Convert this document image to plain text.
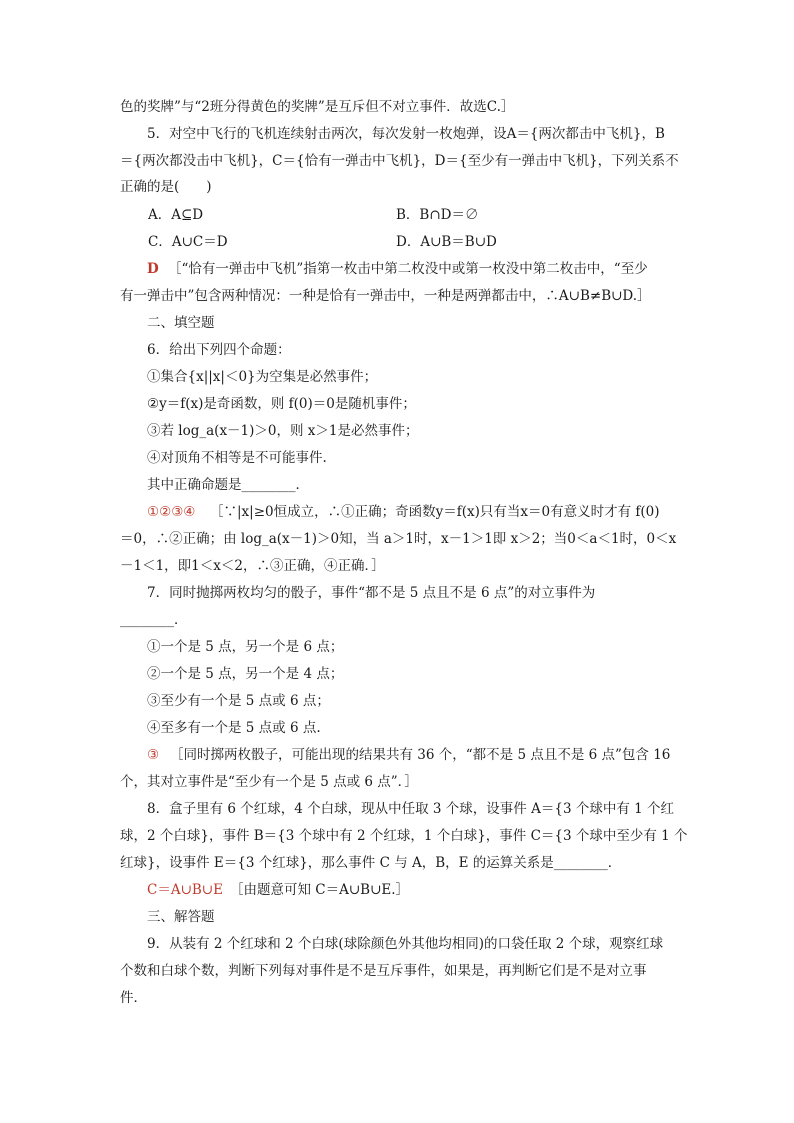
色的奖牌”与“2班分得黄色的奖牌”是互斥但不对立事件．故选C.］
5．对空中飞行的飞机连续射击两次，每次发射一枚炮弹，设A＝{两次都击中飞机}，B
＝{两次都没击中飞机}，C＝{恰有一弹击中飞机}，D＝{至少有一弹击中飞机}，下列关系不
正确的是(　　)
A．A⊆D	B．B∩D＝∅
C．A∪C＝D	D．A∪B＝B∪D
D ［“恰有一弹击中飞机”指第一枚击中第二枚没中或第一枚没中第二枚击中，“至少
有一弹击中”包含两种情况：一种是恰有一弹击中，一种是两弹都击中，∴A∪B≠B∪D.］
二、填空题
6．给出下列四个命题：
①集合{x||x|＜0}为空集是必然事件；
②y＝f(x)是奇函数，则 f(0)＝0是随机事件；
③若 log_a(x－1)＞0，则 x＞1是必然事件；
④对顶角不相等是不可能事件.
其中正确命题是________．
①②③④ ［∵|x|≥0恒成立，∴①正确；奇函数y＝f(x)只有当x＝0有意义时才有 f(0)
＝0，∴②正确；由 log_a(x－1)＞0知，当 a＞1时，x－1＞1即 x＞2；当0＜a＜1时，0＜x
－1＜1，即1＜x＜2，∴③正确，④正确．］
7．同时抛掷两枚均匀的骰子，事件“都不是 5 点且不是 6 点”的对立事件为
________．
①一个是 5 点，另一个是 6 点；
②一个是 5 点，另一个是 4 点；
③至少有一个是 5 点或 6 点；
④至多有一个是 5 点或 6 点.
③ ［同时掷两枚骰子，可能出现的结果共有 36 个，“都不是 5 点且不是 6 点”包含 16
个，其对立事件是“至少有一个是 5 点或 6 点”．］
8．盒子里有 6 个红球，4 个白球，现从中任取 3 个球，设事件 A＝{3 个球中有 1 个红
球，2 个白球}，事件 B＝{3 个球中有 2 个红球，1 个白球}，事件 C＝{3 个球中至少有 1 个
红球}，设事件 E＝{3 个红球}，那么事件 C 与 A，B，E 的运算关系是________．
C＝A∪B∪E ［由题意可知 C＝A∪B∪E.］
三、解答题
9．从装有 2 个红球和 2 个白球(球除颜色外其他均相同)的口袋任取 2 个球，观察红球
个数和白球个数，判断下列每对事件是不是互斥事件，如果是，再判断它们是不是对立事
件．
